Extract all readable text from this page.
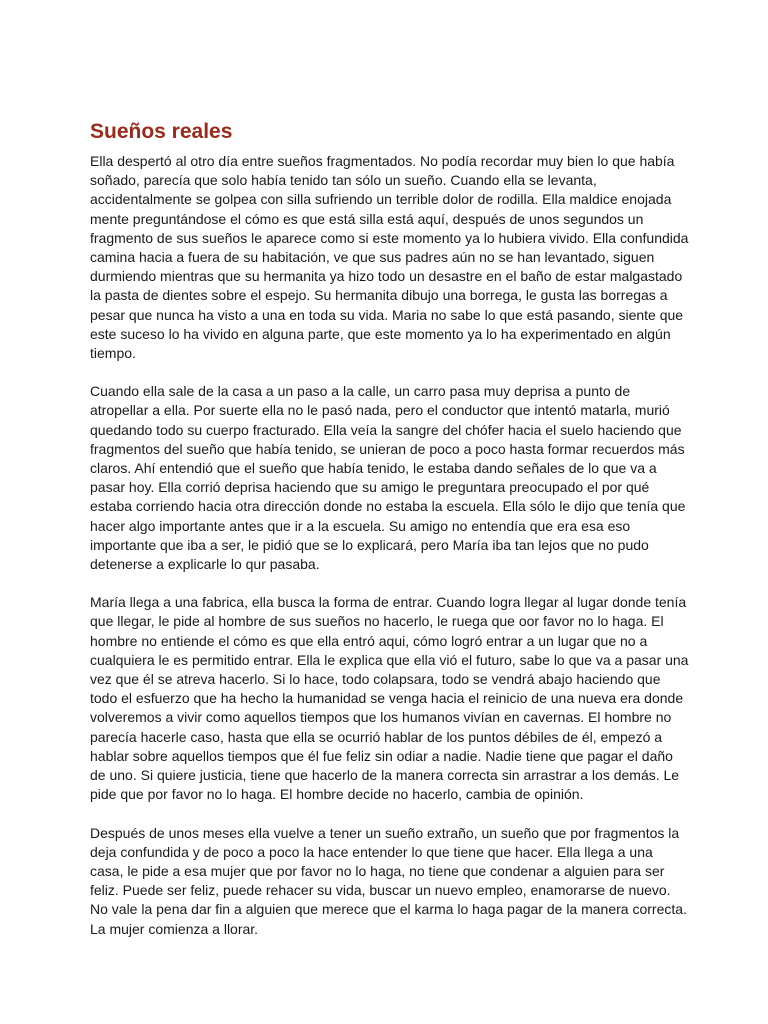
Sueños reales

Ella despertó al otro día entre sueños fragmentados. No podía recordar muy bien lo que había soñado, parecía que solo había tenido tan sólo un sueño. Cuando ella se levanta, accidentalmente se golpea con silla sufriendo un terrible dolor de rodilla. Ella maldice enojada mente preguntándose el cómo es que está silla está aquí, después de unos segundos un fragmento de sus sueños le aparece como si este momento ya lo hubiera vivido. Ella confundida camina hacia a fuera de su habitación, ve que sus padres aún no se han levantado, siguen durmiendo mientras que su hermanita ya hizo todo un desastre en el baño de estar malgastado la pasta de dientes sobre el espejo. Su hermanita dibujo una borrega, le gusta las borregas a pesar que nunca ha visto a una en toda su vida. Maria no sabe lo que está pasando, siente que este suceso lo ha vivido en alguna parte, que este momento ya lo ha experimentado en algún tiempo.

Cuando ella sale de la casa a un paso a la calle, un carro pasa muy deprisa a punto de atropellar a ella. Por suerte ella no le pasó nada, pero el conductor que intentó matarla, murió quedando todo su cuerpo fracturado. Ella veía la sangre del chófer hacia el suelo haciendo que fragmentos del sueño que había tenido, se unieran de poco a poco hasta formar recuerdos más claros. Ahí entendió que el sueño que había tenido, le estaba dando señales de lo que va a pasar hoy. Ella corrió deprisa haciendo que su amigo le preguntara preocupado el por qué estaba corriendo hacia otra dirección donde no estaba la escuela. Ella sólo le dijo que tenía que hacer algo importante antes que ir a la escuela. Su amigo no entendía que era esa eso importante que iba a ser, le pidió que se lo explicará, pero María iba tan lejos que no pudo detenerse a explicarle lo qur pasaba.

María llega a una fabrica, ella busca la forma de entrar. Cuando logra llegar al lugar donde tenía que llegar, le pide al hombre de sus sueños no hacerlo, le ruega que oor favor no lo haga. El hombre no entiende el cómo es que ella entró aqui, cómo logró entrar a un lugar que no a cualquiera le es permitido entrar. Ella le explica que ella vió el futuro, sabe lo que va a pasar una vez que él se atreva hacerlo. Si lo hace, todo colapsara, todo se vendrá abajo haciendo que todo el esfuerzo que ha hecho la humanidad se venga hacia el reinicio de una nueva era donde volveremos a vivir como aquellos tiempos que los humanos vivían en cavernas. El hombre no parecía hacerle caso, hasta que ella se ocurrió hablar de los puntos débiles de él, empezó a hablar sobre aquellos tiempos que él fue feliz sin odiar a nadie. Nadie tiene que pagar el daño de uno. Si quiere justicia, tiene que hacerlo de la manera correcta sin arrastrar a los demás. Le pide que por favor no lo haga. El hombre decide no hacerlo, cambia de opinión.

Después de unos meses ella vuelve a tener un sueño extraño, un sueño que por fragmentos la deja confundida y de poco a poco la hace entender lo que tiene que hacer. Ella llega a una casa, le pide a esa mujer que por favor no lo haga, no tiene que condenar a alguien para ser feliz. Puede ser feliz, puede rehacer su vida, buscar un nuevo empleo, enamorarse de nuevo. No vale la pena dar fin a alguien que merece que el karma lo haga pagar de la manera correcta. La mujer comienza a llorar.
